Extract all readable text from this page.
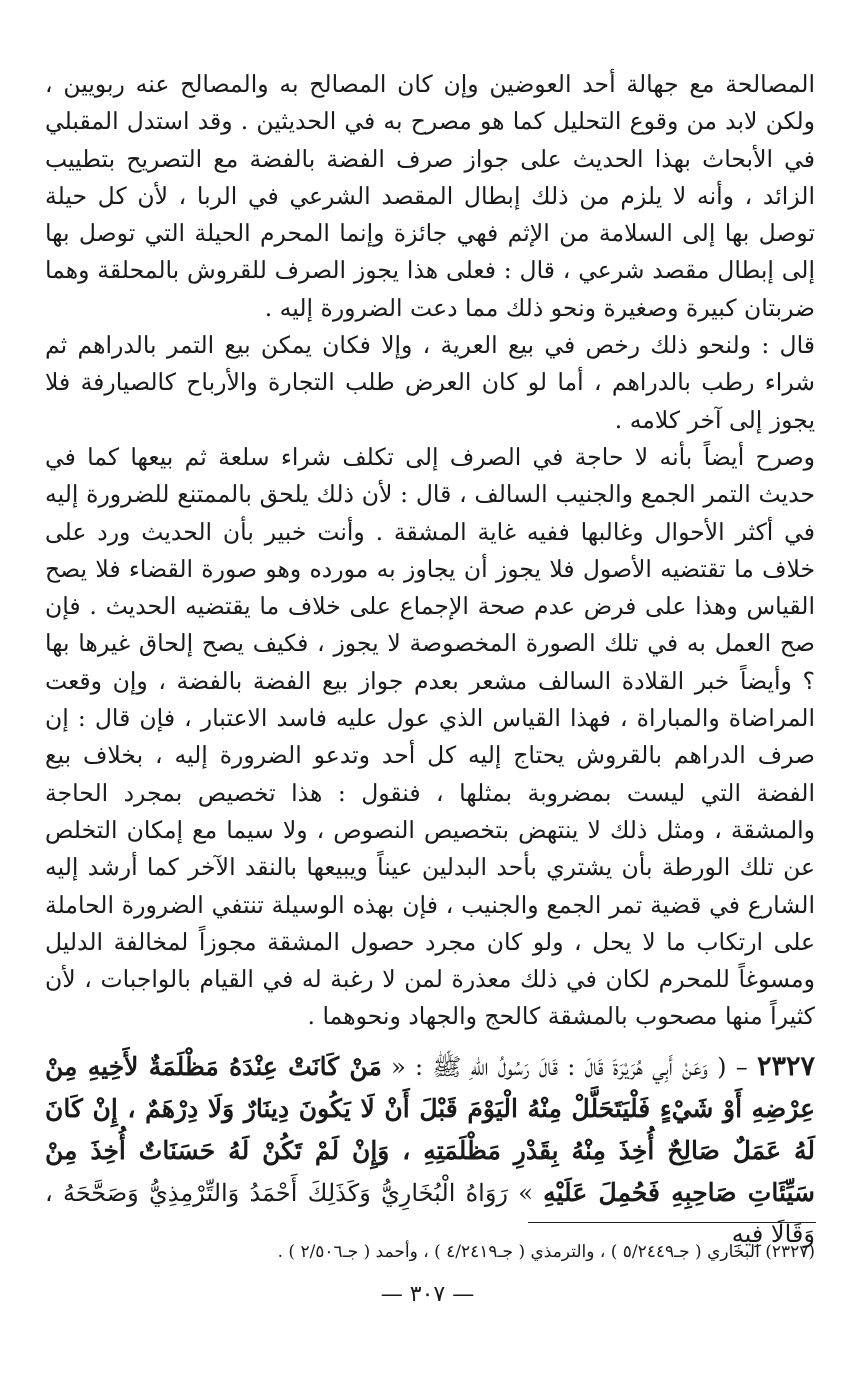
المصالحة مع جهالة أحد العوضين وإن كان المصالح به والمصالح عنه ربويين ، ولكن لابد من وقوع التحليل كما هو مصرح به في الحديثين . وقد استدل المقبلي في الأبحاث بهذا الحديث على جواز صرف الفضة بالفضة مع التصريح بتطييب الزائد ، وأنه لا يلزم من ذلك إبطال المقصد الشرعي في الربا ، لأن كل حيلة توصل بها إلى السلامة من الإثم فهي جائزة وإنما المحرم الحيلة التي توصل بها إلى إبطال مقصد شرعي ، قال : فعلى هذا يجوز الصرف للقروش بالمحلقة وهما ضربتان كبيرة وصغيرة ونحو ذلك مما دعت الضرورة إليه .

قال : ولنحو ذلك رخص في بيع العرية ، وإلا فكان يمكن بيع التمر بالدراهم ثم شراء رطب بالدراهم ، أما لو كان العرض طلب التجارة والأرباح كالصيارفة فلا يجوز إلى آخر كلامه .

وصرح أيضاً بأنه لا حاجة في الصرف إلى تكلف شراء سلعة ثم بيعها كما في حديث التمر الجمع والجنيب السالف ، قال : لأن ذلك يلحق بالممتنع للضرورة إليه في أكثر الأحوال وغالبها ففيه غاية المشقة . وأنت خبير بأن الحديث ورد على خلاف ما تقتضيه الأصول فلا يجوز أن يجاوز به مورده وهو صورة القضاء فلا يصح القياس وهذا على فرض عدم صحة الإجماع على خلاف ما يقتضيه الحديث . فإن صح العمل به في تلك الصورة المخصوصة لا يجوز ، فكيف يصح إلحاق غيرها بها ؟ وأيضاً خبر القلادة السالف مشعر بعدم جواز بيع الفضة بالفضة ، وإن وقعت المراضاة والمباراة ، فهذا القياس الذي عول عليه فاسد الاعتبار ، فإن قال : إن صرف الدراهم بالقروش يحتاج إليه كل أحد وتدعو الضرورة إليه ، بخلاف بيع الفضة التي ليست بمضروبة بمثلها ، فنقول : هذا تخصيص بمجرد الحاجة والمشقة ، ومثل ذلك لا ينتهض بتخصيص النصوص ، ولا سيما مع إمكان التخلص عن تلك الورطة بأن يشتري بأحد البدلين عيناً ويبيعها بالنقد الآخر كما أرشد إليه الشارع في قضية تمر الجمع والجنيب ، فإن بهذه الوسيلة تنتفي الضرورة الحاملة على ارتكاب ما لا يحل ، ولو كان مجرد حصول المشقة مجوزاً لمخالفة الدليل ومسوغاً للمحرم لكان في ذلك معذرة لمن لا رغبة له في القيام بالواجبات ، لأن كثيراً منها مصحوب بالمشقة كالحج والجهاد ونحوهما .

٢٣٢٧ – ( وَعَنْ أَبِي هُرَيْرَةَ قَالَ : قَالَ رَسُولُ اللهِ ﷺ : « مَنْ كَانَتْ عِنْدَهُ مَظْلَمَةٌ لأَخِيهِ مِنْ عِرْضِهِ أَوْ شَيْءٍ فَلْيَتَحَلَّلْ مِنْهُ الْيَوْمَ قَبْلَ أَنْ لَا يَكُونَ دِينَارٌ وَلَا دِرْهَمٌ ، إِنْ كَانَ لَهُ عَمَلٌ صَالِحٌ أُخِذَ مِنْهُ بِقَدْرِ مَظْلَمَتِهِ ، وَإِنْ لَمْ تَكُنْ لَهُ حَسَنَاتٌ أُخِذَ مِنْ سَيِّئَاتِ صَاحِبِهِ فَحُمِلَ عَلَيْهِ » رَوَاهُ الْبُخَارِيُّ وَكَذَلِكَ أَحْمَدُ وَالتِّرْمِذِيُّ وَصَحَّحَهُ ، وَقَالَا فِيهِ

(٢٣٢٧) البخاري ( جـ٥/٢٤٤٩ ) ، والترمذي ( جـ٤/٢٤١٩ ) ، وأحمد ( جـ٢/٥٠٦ ) .
— ٣٠٧ —
